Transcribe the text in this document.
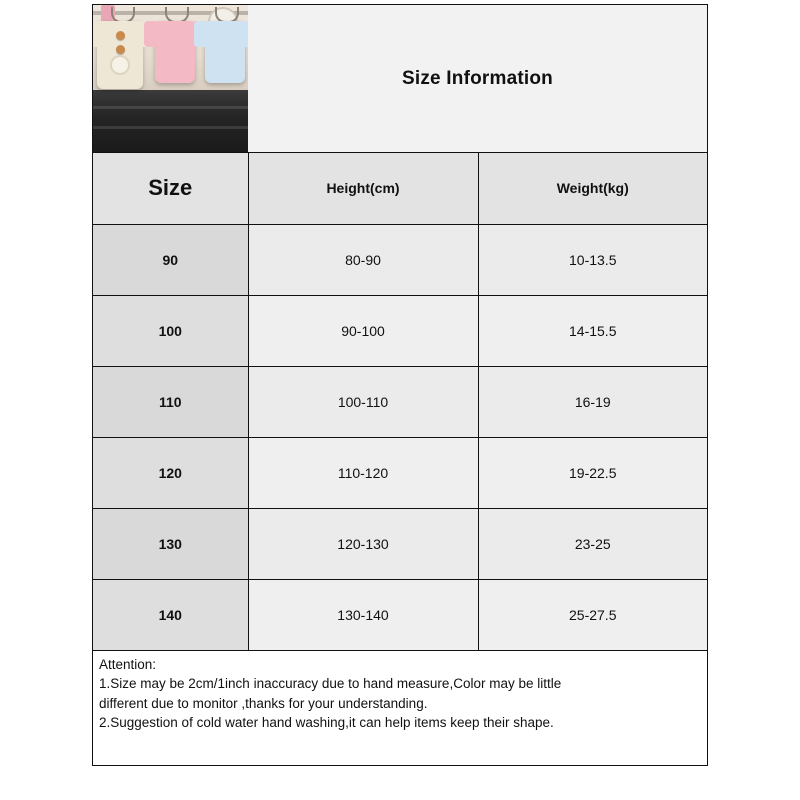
Size Information
Size	Height(cm)	Weight(kg)
90	80-90	10-13.5
100	90-100	14-15.5
110	100-110	16-19
120	110-120	19-22.5
130	120-130	23-25
140	130-140	25-27.5
Attention:
1.Size may be 2cm/1inch inaccuracy due to hand measure,Color may be little
different due to monitor ,thanks for your understanding.
2.Suggestion of cold water hand washing,it can help items keep their shape.
